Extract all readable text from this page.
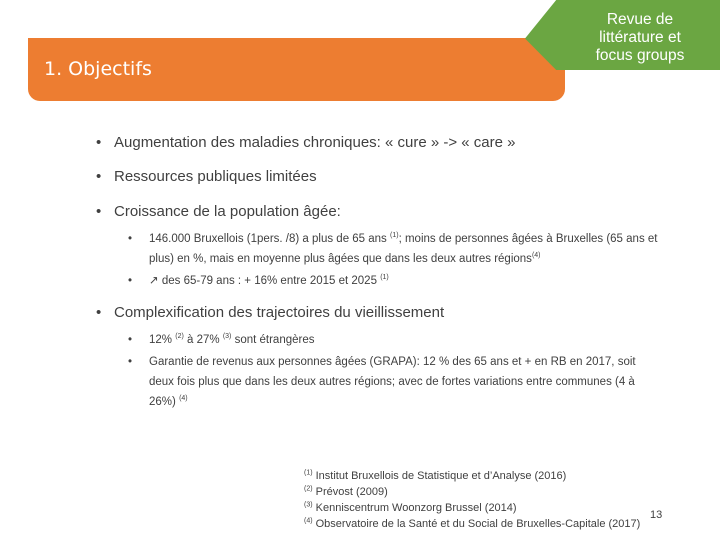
1. Objectifs
Revue de
littérature et
focus groups
• Augmentation des maladies chroniques: « cure » -> « care »
• Ressources publiques limitées
• Croissance de la population âgée:
• 146.000 Bruxellois (1pers. /8) a plus de 65 ans $^{(1)}$; moins de personnes âgées à Bruxelles (65 ans et plus) en %, mais en moyenne plus âgées que dans les deux autres régions$^{(4)}$
• ↗ des 65-79 ans : + 16% entre 2015 et 2025 $^{(1)}$
• Complexification des trajectoires du vieillissement
• 12% $^{(2)}$ à 27% $^{(3)}$ sont étrangères
• Garantie de revenus aux personnes âgées (GRAPA): 12 % des 65 ans et + en RB en 2017, soit deux fois plus que dans les deux autres régions; avec de fortes variations entre communes (4 à 26%) $^{(4)}$
$^{(1)}$ Institut Bruxellois de Statistique et d’Analyse (2016)
$^{(2)}$ Prévost (2009)
$^{(3)}$ Kenniscentrum Woonzorg Brussel (2014)
$^{(4)}$ Observatoire de la Santé et du Social de Bruxelles-Capitale (2017)
13
